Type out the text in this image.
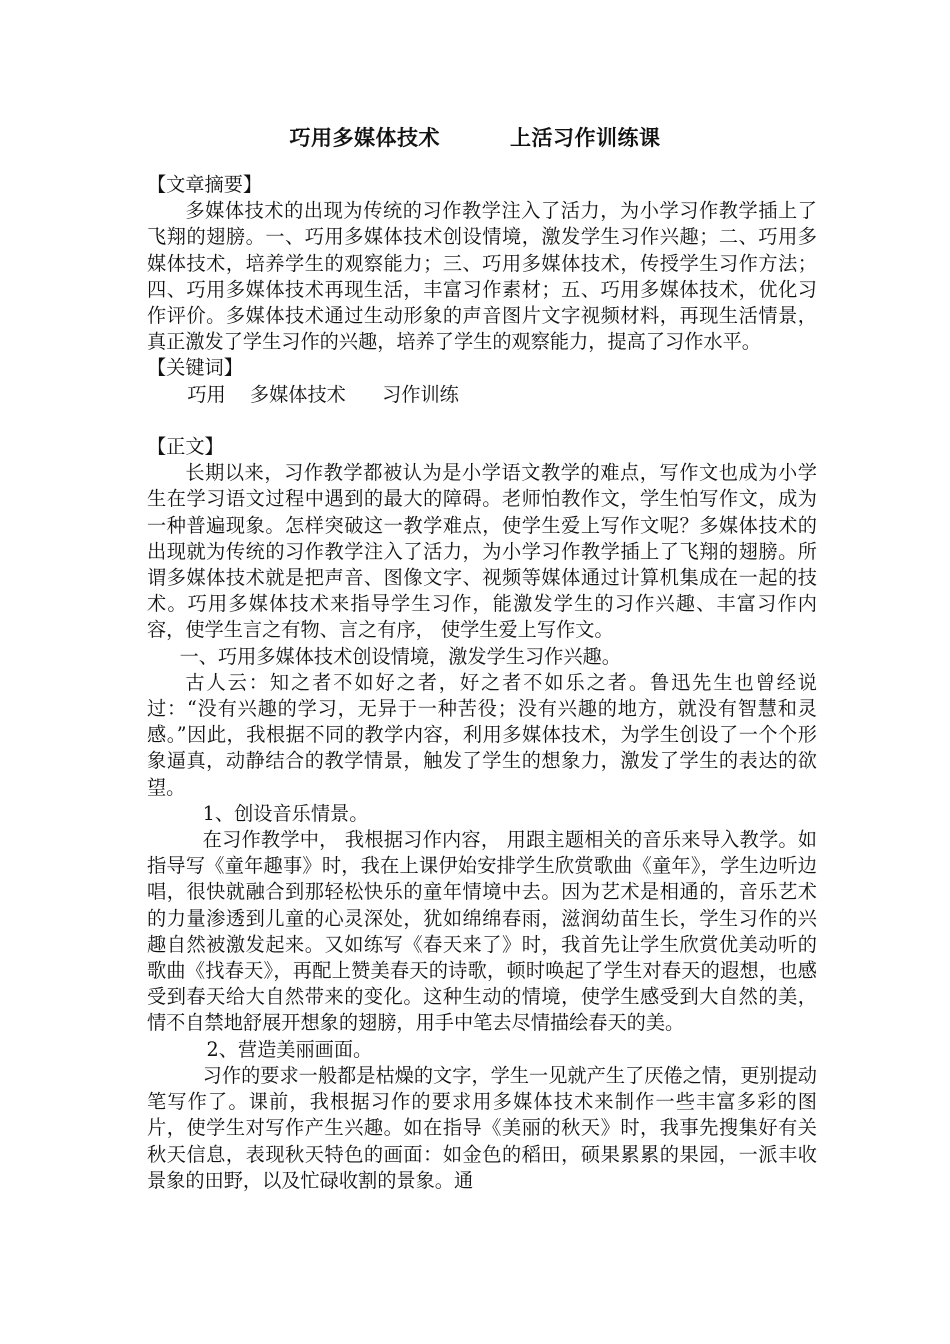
巧用多媒体技术	上活习作训练课

【文章摘要】

多媒体技术的出现为传统的习作教学注入了活力，为小学习作教学插上了飞翔的翅膀。一、巧用多媒体技术创设情境，激发学生习作兴趣；二、巧用多媒体技术，培养学生的观察能力；三、巧用多媒体技术，传授学生习作方法；四、巧用多媒体技术再现生活，丰富习作素材；五、巧用多媒体技术，优化习作评价。多媒体技术通过生动形象的声音图片文字视频材料，再现生活情景，真正激发了学生习作的兴趣，培养了学生的观察能力，提高了习作水平。

【关键词】

巧用  多媒体技术   习作训练

【正文】

长期以来，习作教学都被认为是小学语文教学的难点，写作文也成为小学生在学习语文过程中遇到的最大的障碍。老师怕教作文，学生怕写作文，成为一种普遍现象。怎样突破这一教学难点，使学生爱上写作文呢？多媒体技术的出现就为传统的习作教学注入了活力，为小学习作教学插上了飞翔的翅膀。所谓多媒体技术就是把声音、图像文字、视频等媒体通过计算机集成在一起的技术。巧用多媒体技术来指导学生习作，能激发学生的习作兴趣、丰富习作内容，使学生言之有物、言之有序， 使学生爱上写作文。

一、巧用多媒体技术创设情境，激发学生习作兴趣。

古人云：知之者不如好之者，好之者不如乐之者。鲁迅先生也曾经说过：“没有兴趣的学习，无异于一种苦役；没有兴趣的地方，就没有智慧和灵感。”因此，我根据不同的教学内容，利用多媒体技术，为学生创设了一个个形象逼真，动静结合的教学情景，触发了学生的想象力，激发了学生的表达的欲望。

1、创设音乐情景。

在习作教学中， 我根据习作内容， 用跟主题相关的音乐来导入教学。如指导写《童年趣事》时，我在上课伊始安排学生欣赏歌曲《童年》，学生边听边唱，很快就融合到那轻松快乐的童年情境中去。因为艺术是相通的，音乐艺术的力量渗透到儿童的心灵深处，犹如绵绵春雨，滋润幼苗生长，学生习作的兴趣自然被激发起来。又如练写《春天来了》时，我首先让学生欣赏优美动听的歌曲《找春天》，再配上赞美春天的诗歌，顿时唤起了学生对春天的遐想，也感受到春天给大自然带来的变化。这种生动的情境，使学生感受到大自然的美，情不自禁地舒展开想象的翅膀，用手中笔去尽情描绘春天的美。

2、营造美丽画面。

习作的要求一般都是枯燥的文字，学生一见就产生了厌倦之情，更别提动笔写作了。课前，我根据习作的要求用多媒体技术来制作一些丰富多彩的图片，使学生对写作产生兴趣。如在指导《美丽的秋天》时，我事先搜集好有关秋天信息，表现秋天特色的画面：如金色的稻田，硕果累累的果园，一派丰收景象的田野，以及忙碌收割的景象。通
